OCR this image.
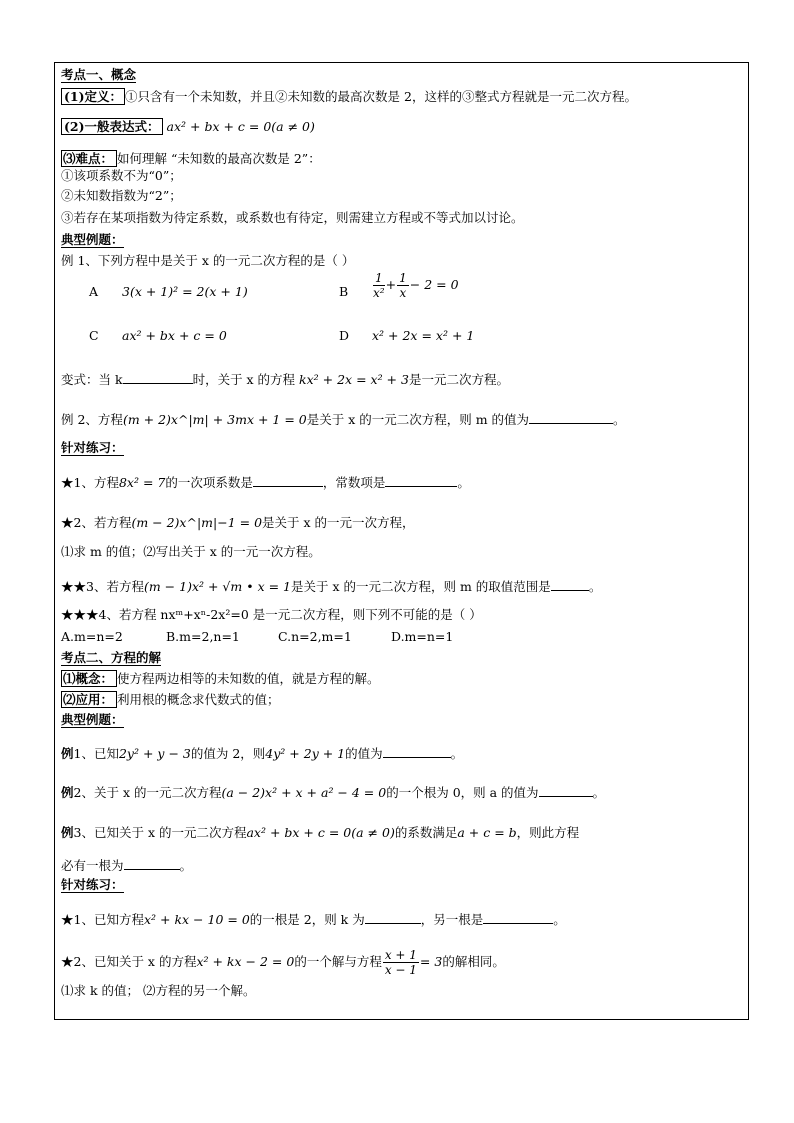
考点一、概念
(1)定义： ①只含有一个未知数，并且②未知数的最高次数是 2，这样的③整式方程就是一元二次方程。
(2)一般表达式： ax² + bx + c = 0(a ≠ 0)
⑶难点： 如何理解 “未知数的最高次数是 2”：
①该项系数不为“0”；
②未知数指数为“2”；
③若存在某项指数为待定系数，或系数也有待定，则需建立方程或不等式加以讨论。
典型例题：
例 1、下列方程中是关于 x 的一元二次方程的是（ ）
A 3(x + 1)² = 2(x + 1)	B $\frac{1}{\text{x²}} + \frac{1}{x} - 2 = 0$
C ax² + bx + c = 0	D x² + 2x = x² + 1
变式：当 k	时，关于 x 的方程 kx² + 2x = x² + 3是一元二次方程。
例 2、方程(m + 2)x^|m| + 3mx + 1 = 0是关于 x 的一元二次方程，则 m 的值为	。
针对练习：
★1、方程8x² = 7的一次项系数是	，常数项是	。
★2、若方程(m − 2)x^|m|−1 = 0是关于 x 的一元一次方程，
⑴求 m 的值；⑵写出关于 x 的一元一次方程。
★★3、若方程(m − 1)x² + √m • x = 1是关于 x 的一元二次方程，则 m 的取值范围是	。
★★★4、若方程 nxᵐ+xⁿ-2x²=0 是一元二次方程，则下列不可能的是（ ）
A.m=n=2	B.m=2,n=1	C.n=2,m=1	D.m=n=1
考点二、方程的解
⑴概念： 使方程两边相等的未知数的值，就是方程的解。
⑵应用： 利用根的概念求代数式的值；
典型例题：
例1、已知2y² + y − 3的值为 2，则4y² + 2y + 1的值为	。
例2、关于 x 的一元二次方程(a − 2)x² + x + a² − 4 = 0的一个根为 0，则 a 的值为	。
例3、已知关于 x 的一元二次方程ax² + bx + c = 0(a ≠ 0)的系数满足a + c = b，则此方程
必有一根为	。
针对练习：
★1、已知方程x² + kx − 10 = 0的一根是 2，则 k 为	，另一根是	。
★2、已知关于 x 的方程x² + kx − 2 = 0的一个解与方程 $\frac{x + 1}{x - 1} = 3$的解相同。
⑴求 k 的值； ⑵方程的另一个解。
